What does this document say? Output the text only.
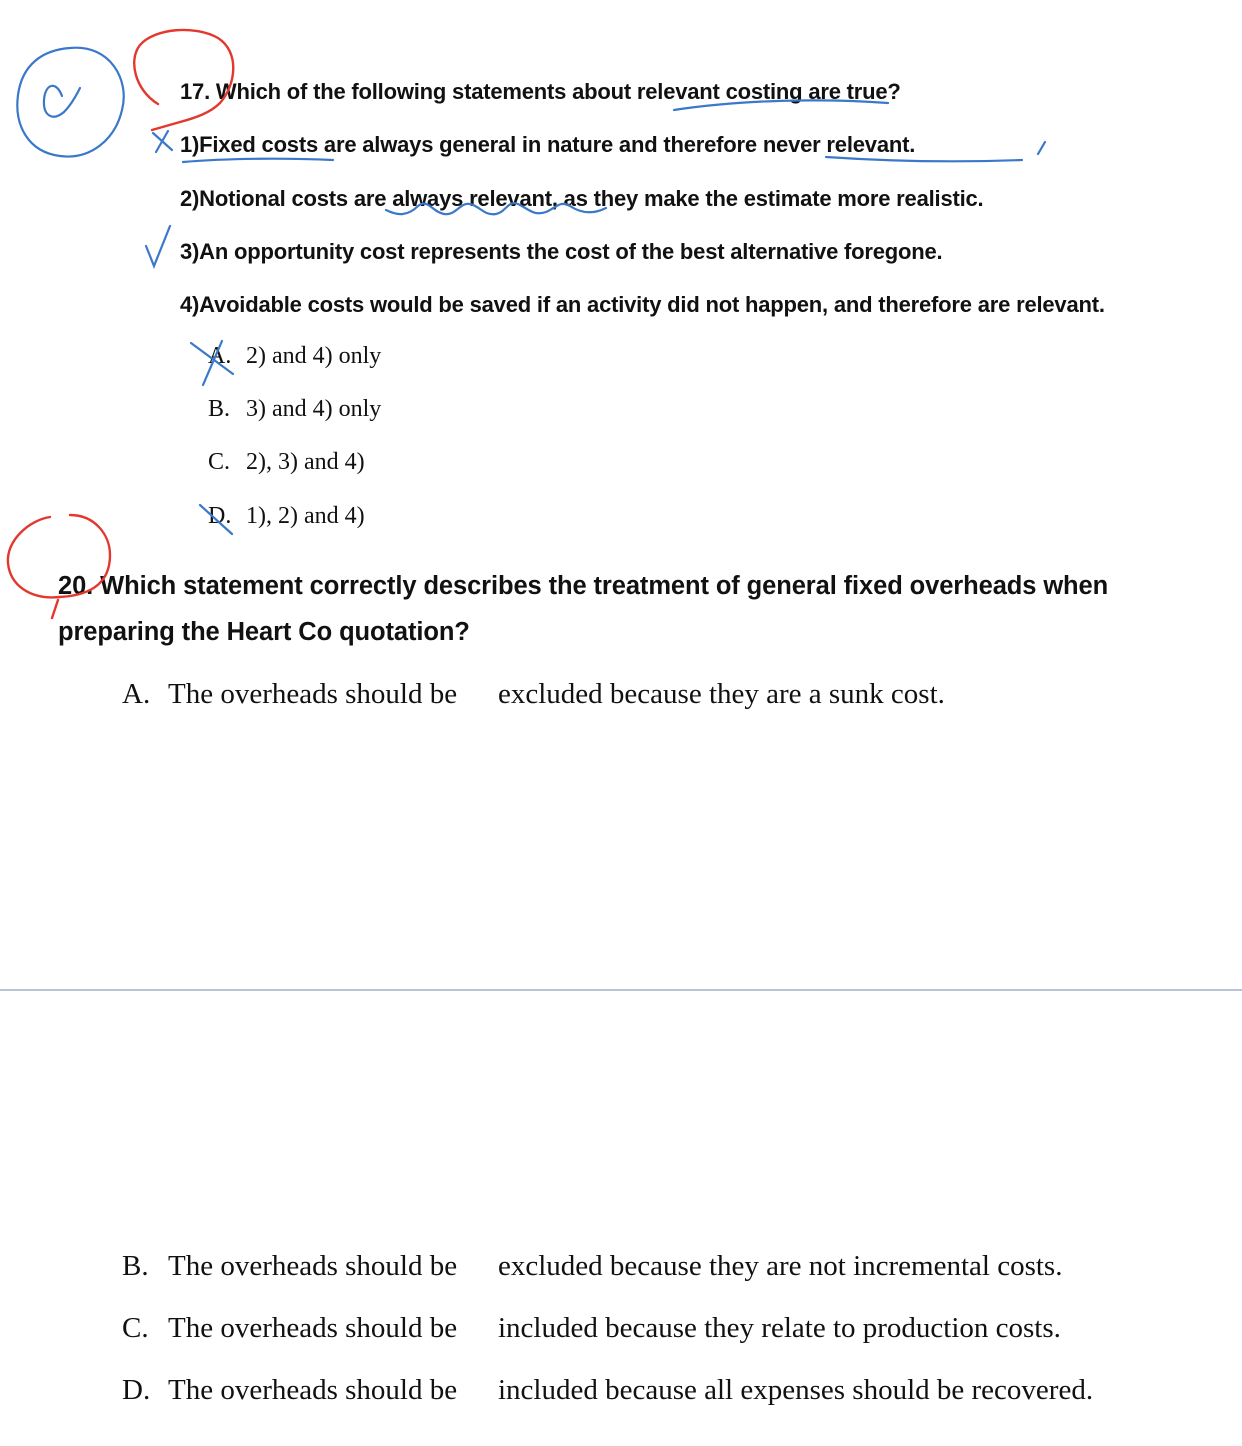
17. Which of the following statements about relevant costing are true?
1)Fixed costs are always general in nature and therefore never relevant.
2)Notional costs are always relevant, as they make the estimate more realistic.
3)An opportunity cost represents the cost of the best alternative foregone.
4)Avoidable costs would be saved if an activity did not happen, and therefore are relevant.
A. 2) and 4) only
B. 3) and 4) only
C. 2), 3) and 4)
D. 1), 2) and 4)
20. Which statement correctly describes the treatment of general fixed overheads when
preparing the Heart Co quotation?
A. The overheads should be excluded because they are a sunk cost.
B. The overheads should be excluded because they are not incremental costs.
C. The overheads should be included because they relate to production costs.
D. The overheads should be included because all expenses should be recovered.
